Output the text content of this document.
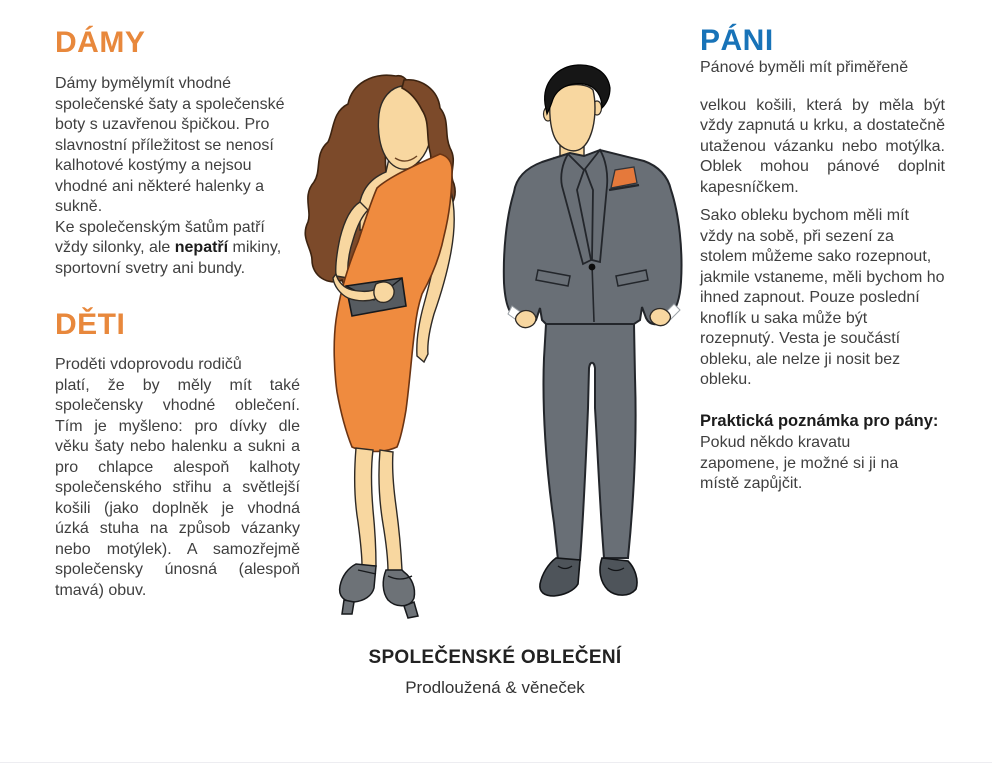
DÁMY

Dámy bymělymít vhodné společenské šaty a společenské boty s uzavřenou špičkou. Pro slavnostní příležitost se nenosí kalhotové kostýmy a nejsou vhodné ani některé halenky a sukně.

Ke společenským šatům patří vždy silonky, ale nepatří mikiny, sportovní svetry ani bundy.

DĚTI

Proděti vdoprovodu rodičů
platí, že by měly mít také společensky vhodné oblečení. Tím je myšleno: pro dívky dle věku šaty nebo halenku a sukni a pro chlapce alespoň kalhoty společenského střihu a světlejší košili (jako doplněk je vhodná úzká stuha na způsob vázanky nebo motýlek). A samozřejmě společensky únosná (alespoň tmavá) obuv.

PÁNI

Pánové byměli mít přiměřeně

velkou košili, která by měla být vždy zapnutá u krku, a dostatečně utaženou vázanku nebo motýlka. Oblek mohou pánové doplnit kapesníčkem.

Sako obleku bychom měli mít
vždy na sobě, při sezení za stolem můžeme sako rozepnout, jakmile vstaneme, měli bychom ho ihned zapnout. Pouze poslední knoflík u saka může být rozepnutý. Vesta je součástí obleku, ale nelze ji nosit bez obleku.

Praktická poznámka pro pány:

Pokud někdo kravatu
zapomene, je možné si ji na
místě zapůjčit.

SPOLEČENSKÉ OBLEČENÍ
Prodloužená & věneček
